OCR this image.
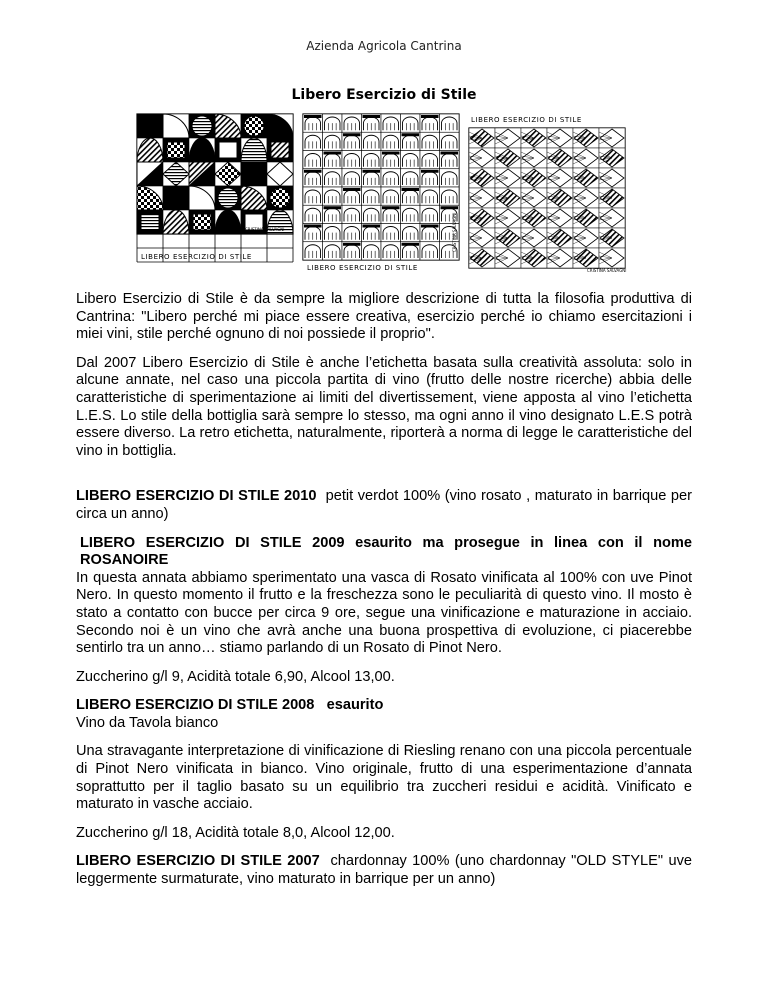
Azienda Agricola Cantrina
Libero Esercizio di Stile
CRISTINA SALVAGNI
LIBERO ESERCIZIO DI STILE
LIBERO ESERCIZIO DI STILE
CRISTINA SALVAGNI
LIBERO ESERCIZIO DI STILE
CRISTINA SALVAGNI

Libero Esercizio di Stile è da sempre la migliore descrizione di tutta la filosofia produttiva di Cantrina: "Libero perché mi piace essere creativa, esercizio perché io chiamo esercitazioni i miei vini, stile perché ognuno di noi possiede il proprio".

Dal 2007 Libero Esercizio di Stile è anche l’etichetta basata sulla creatività assoluta: solo in alcune annate, nel caso una piccola partita di vino (frutto delle nostre ricerche) abbia delle caratteristiche di sperimentazione ai limiti del divertissement, viene apposta al vino l’etichetta L.E.S. Lo stile della bottiglia sarà sempre lo stesso, ma ogni anno il vino designato L.E.S potrà essere diverso. La retro etichetta, naturalmente, riporterà a norma di legge le caratteristiche del vino in bottiglia.

LIBERO ESERCIZIO DI STILE 2010 petit verdot 100% (vino rosato , maturato in barrique per circa un anno)

LIBERO ESERCIZIO DI STILE 2009 esaurito ma prosegue in linea con il nome ROSANOIRE

In questa annata abbiamo sperimentato una vasca di Rosato vinificata al 100% con uve Pinot Nero. In questo momento il frutto e la freschezza sono le peculiarità di questo vino. Il mosto è stato a contatto con bucce per circa 9 ore, segue una vinificazione e maturazione in acciaio. Secondo noi è un vino che avrà anche una buona prospettiva di evoluzione, ci piacerebbe sentirlo tra un anno… stiamo parlando di un Rosato di Pinot Nero.

Zuccherino g/l 9, Acidità totale 6,90, Alcool 13,00.

LIBERO ESERCIZIO DI STILE 2008 esaurito

Vino da Tavola bianco

Una stravagante interpretazione di vinificazione di Riesling renano con una piccola percentuale di Pinot Nero vinificata in bianco. Vino originale, frutto di una esperimentazione d’annata soprattutto per il taglio basato su un equilibrio tra zuccheri residui e acidità. Vinificato e maturato in vasche acciaio.

Zuccherino g/l 18, Acidità totale 8,0, Alcool 12,00.

LIBERO ESERCIZIO DI STILE 2007 chardonnay 100% (uno chardonnay "OLD STYLE" uve leggermente surmaturate, vino maturato in barrique per un anno)
